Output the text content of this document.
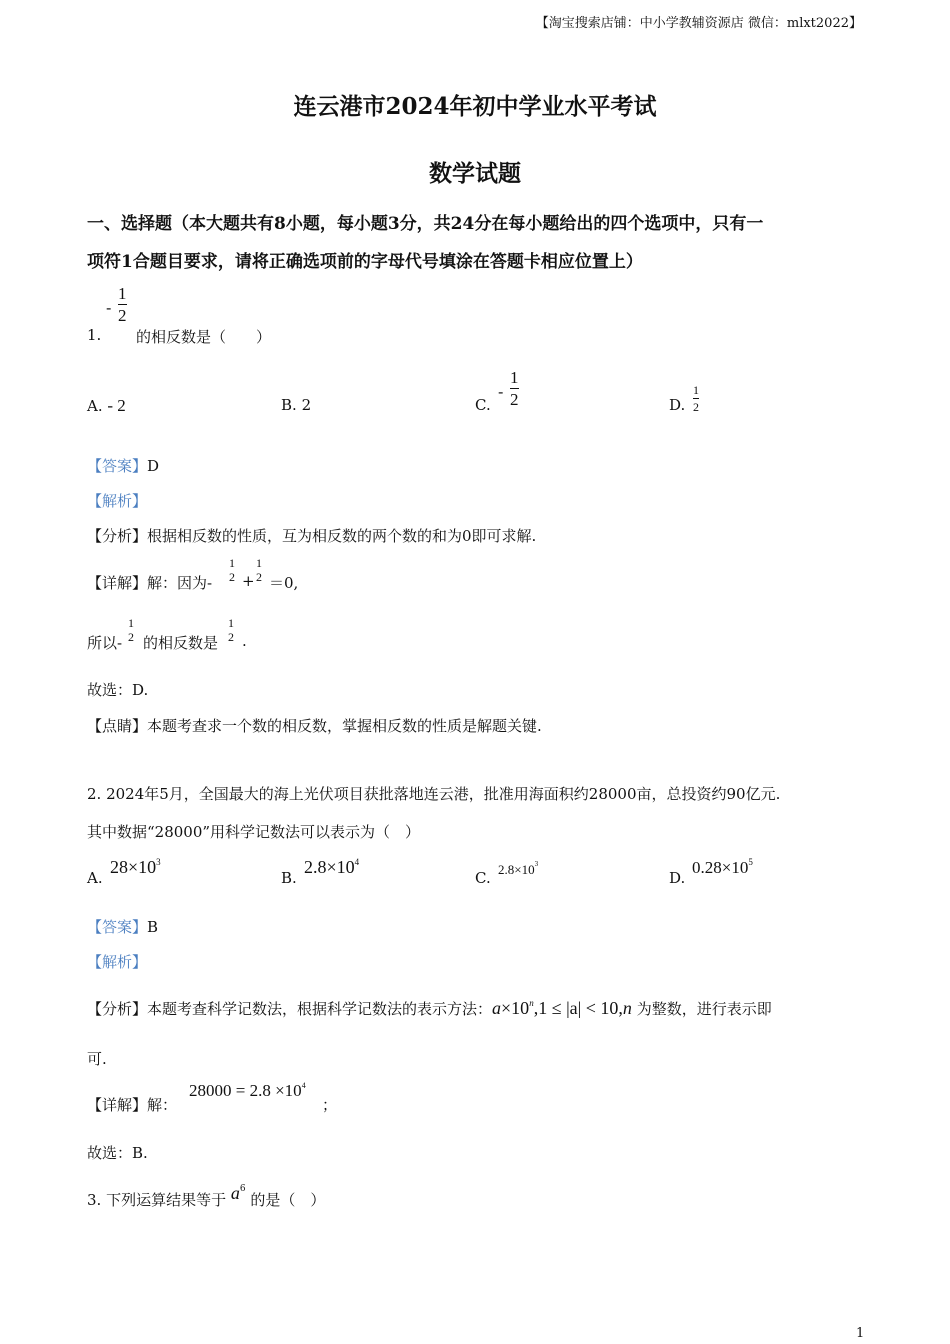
【淘宝搜索店铺：中小学教辅资源店 微信：mlxt2022】
连云港市2024年初中学业水平考试
数学试题
一、选择题（本大题共有8小题，每小题3分，共24分在每小题给出的四个选项中，只有一
项符1合题目要求，请将正确选项前的字母代号填涂在答题卡相应位置上）
-
1
2
1. 的相反数是（　　）
A. - 2	B. 2	C.
-
1
2	D.
1
2
【答案】D
【解析】
【分析】根据相反数的性质，互为相反数的两个数的和为0即可求解.
【详解】解：因为-
1
2 +
1
2 ＝0,
所以-
1
2 的相反数是
1
2 .
故选：D.
【点睛】本题考查求一个数的相反数，掌握相反数的性质是解题关键.
2. 2024年5月，全国最大的海上光伏项目获批落地连云港，批准用海面积约28000亩，总投资约90亿元.
其中数据“28000”用科学记数法可以表示为（　）
A.
$28\times 10^3$
B.
$2.8\times 10^4$
C. $2.8\times 10^3$
D.
$0.28\times 10^5$
【答案】B
【解析】
【分析】本题考查科学记数法，根据科学记数法的表示方法：$a\times 10^n,1 \le |a| < 10,n$ 为整数，进行表示即
可.
【详解】解：
$28000 = 2.8 \times 10^4$
；
故选：B.
3. 下列运算结果等于 $a^6$ 的是（　）
1
